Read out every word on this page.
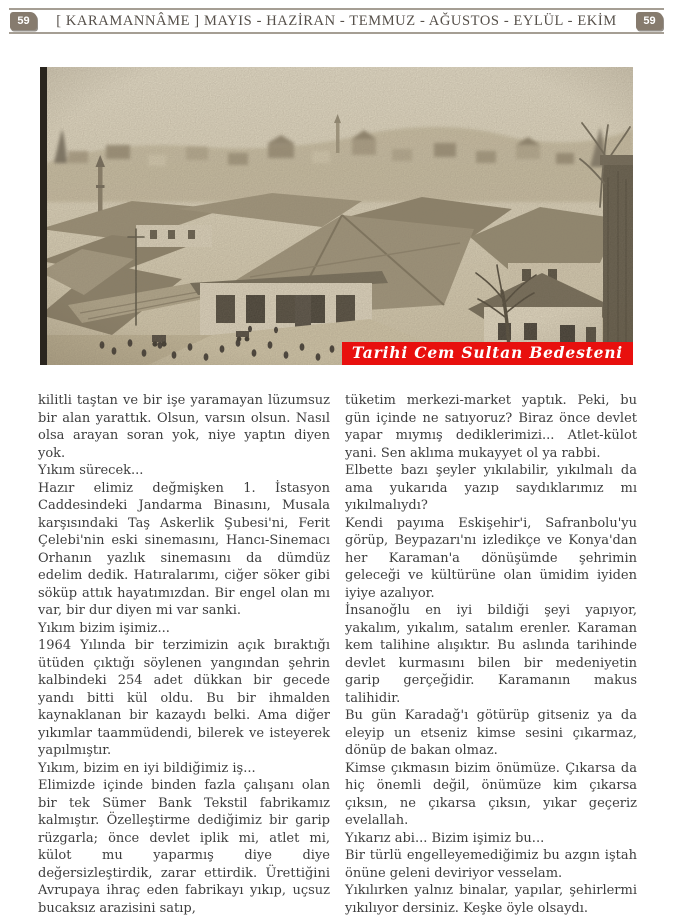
59	[ KARAMANNÂME ] MAYIS - HAZİRAN - TEMMUZ - AĞUSTOS - EYLÜL - EKİM	59
Tarihi Cem Sultan Bedesteni

kilitli taştan ve bir işe yaramayan lüzumsuz bir alan yarattık. Olsun, varsın olsun. Nasıl olsa arayan soran yok, niye yaptın diyen yok.

Yıkım sürecek...

Hazır elimiz değmişken 1. İstasyon Caddesindeki Jandarma Binasını, Musala karşısındaki Taş Askerlik Şubesi'ni, Ferit Çelebi'nin eski sinemasını, Hancı-Sinemacı Orhanın yazlık sinemasını da dümdüz edelim dedik. Hatıralarımı, ciğer söker gibi söküp attık hayatımızdan. Bir engel olan mı var, bir dur diyen mi var sanki.

Yıkım bizim işimiz...

1964 Yılında bir terzimizin açık bıraktığı ütüden çıktığı söylenen yangından şehrin kalbindeki 254 adet dükkan bir gecede yandı bitti kül oldu. Bu bir ihmalden kaynaklanan bir kazaydı belki. Ama diğer yıkımlar taammüdendi, bilerek ve isteyerek yapılmıştır.

Yıkım, bizim en iyi bildiğimiz iş...

Elimizde içinde binden fazla çalışanı olan bir tek Sümer Bank Tekstil fabrikamız kalmıştır. Özelleştirme dediğimiz bir garip rüzgarla; önce devlet iplik mi, atlet mi, külot mu yaparmış diye diye değersizleştirdik, zarar ettirdik. Ürettiğini Avrupaya ihraç eden fabrikayı yıkıp, uçsuz bucaksız arazisini satıp,

tüketim merkezi-market yaptık. Peki, bu gün içinde ne satıyoruz? Biraz önce devlet yapar mıymış dediklerimizi... Atlet-külot yani. Sen aklıma mukayyet ol ya rabbi.

Elbette bazı şeyler yıkılabilir, yıkılmalı da ama yukarıda yazıp saydıklarımız mı yıkılmalıydı?

Kendi payıma Eskişehir'i, Safranbolu'yu görüp, Beypazarı'nı izledikçe ve Konya'dan her Karaman'a dönüşümde şehrimin geleceği ve kültürüne olan ümidim iyiden iyiye azalıyor.

İnsanoğlu en iyi bildiği şeyi yapıyor, yakalım, yıkalım, satalım erenler. Karaman kem talihine alışıktır. Bu aslında tarihinde devlet kurmasını bilen bir medeniyetin garip gerçeğidir. Karamanın makus talihidir.

Bu gün Karadağ'ı götürüp gitseniz ya da eleyip un etseniz kimse sesini çıkarmaz, dönüp de bakan olmaz.

Kimse çıkmasın bizim önümüze. Çıkarsa da hiç önemli değil, önümüze kim çıkarsa çıksın, ne çıkarsa çıksın, yıkar geçeriz evelallah.

Yıkarız abi... Bizim işimiz bu...

Bir türlü engelleyemediğimiz bu azgın iştah önüne geleni deviriyor vesselam.

Yıkılırken yalnız binalar, yapılar, şehirlermi yıkılıyor dersiniz. Keşke öyle olsaydı.
